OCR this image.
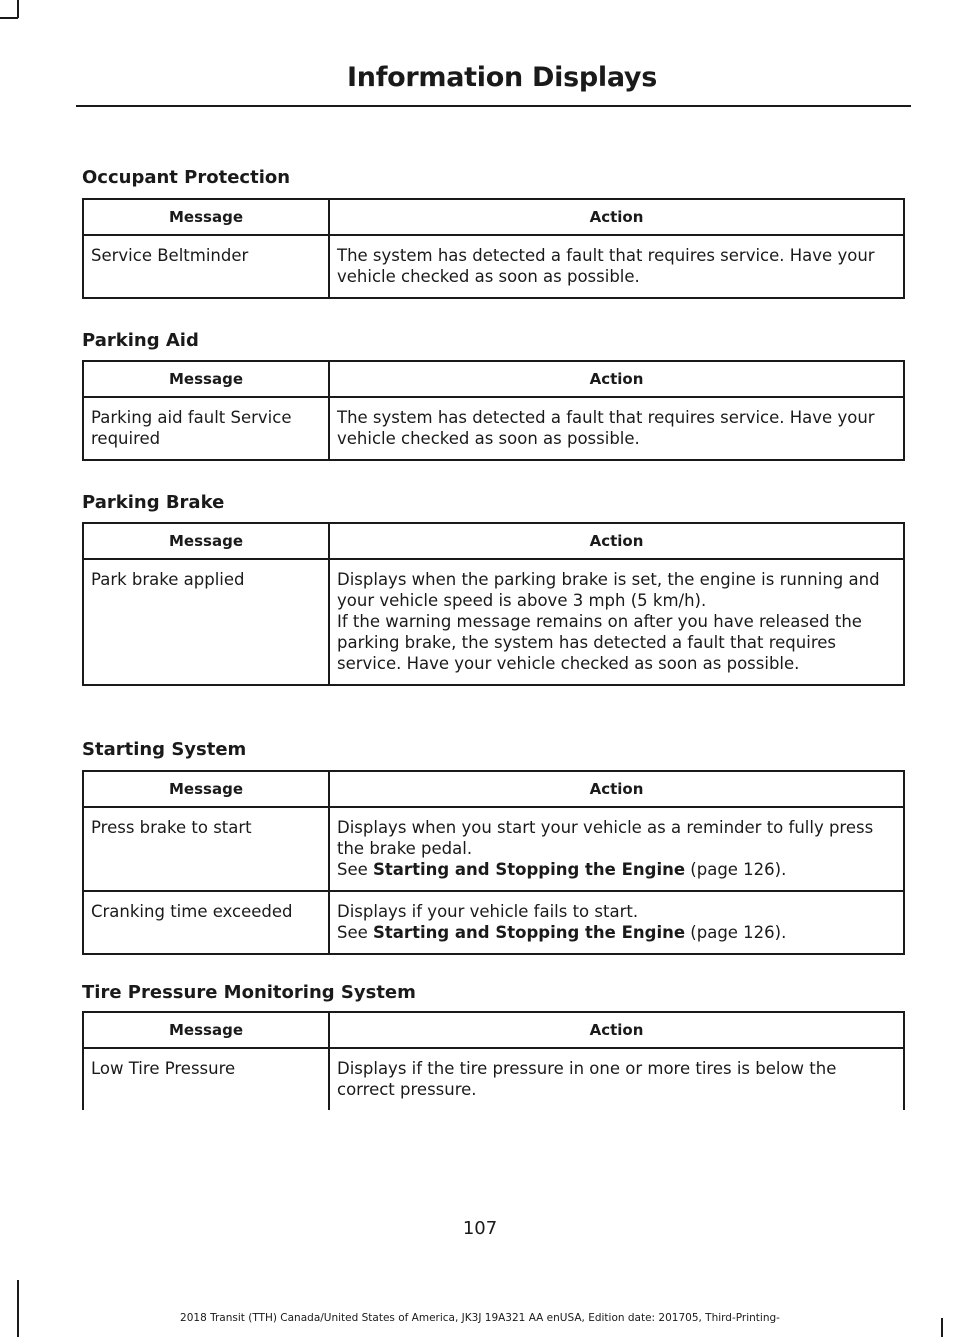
Information Displays
Occupant Protection
Message	Action
Service Beltminder	The system has detected a fault that requires service. Have your vehicle checked as soon as possible.
Parking Aid
Message	Action
Parking aid fault Service required	The system has detected a fault that requires service. Have your vehicle checked as soon as possible.
Parking Brake
Message	Action
Park brake applied	Displays when the parking brake is set, the engine is running and your vehicle speed is above 3 mph (5 km/h).
If the warning message remains on after you have released the parking brake, the system has detected a fault that requires service. Have your vehicle checked as soon as possible.
Starting System
Message	Action
Press brake to start	Displays when you start your vehicle as a reminder to fully press the brake pedal.
See Starting and Stopping the Engine (page 126).

Cranking time exceeded	Displays if your vehicle fails to start.
See Starting and Stopping the Engine (page 126).
Tire Pressure Monitoring System
Message	Action
Low Tire Pressure	Displays if the tire pressure in one or more tires is below the correct pressure.
107
2018 Transit (TTH) Canada/United States of America, JK3J 19A321 AA enUSA, Edition date: 201705, Third-Printing-
